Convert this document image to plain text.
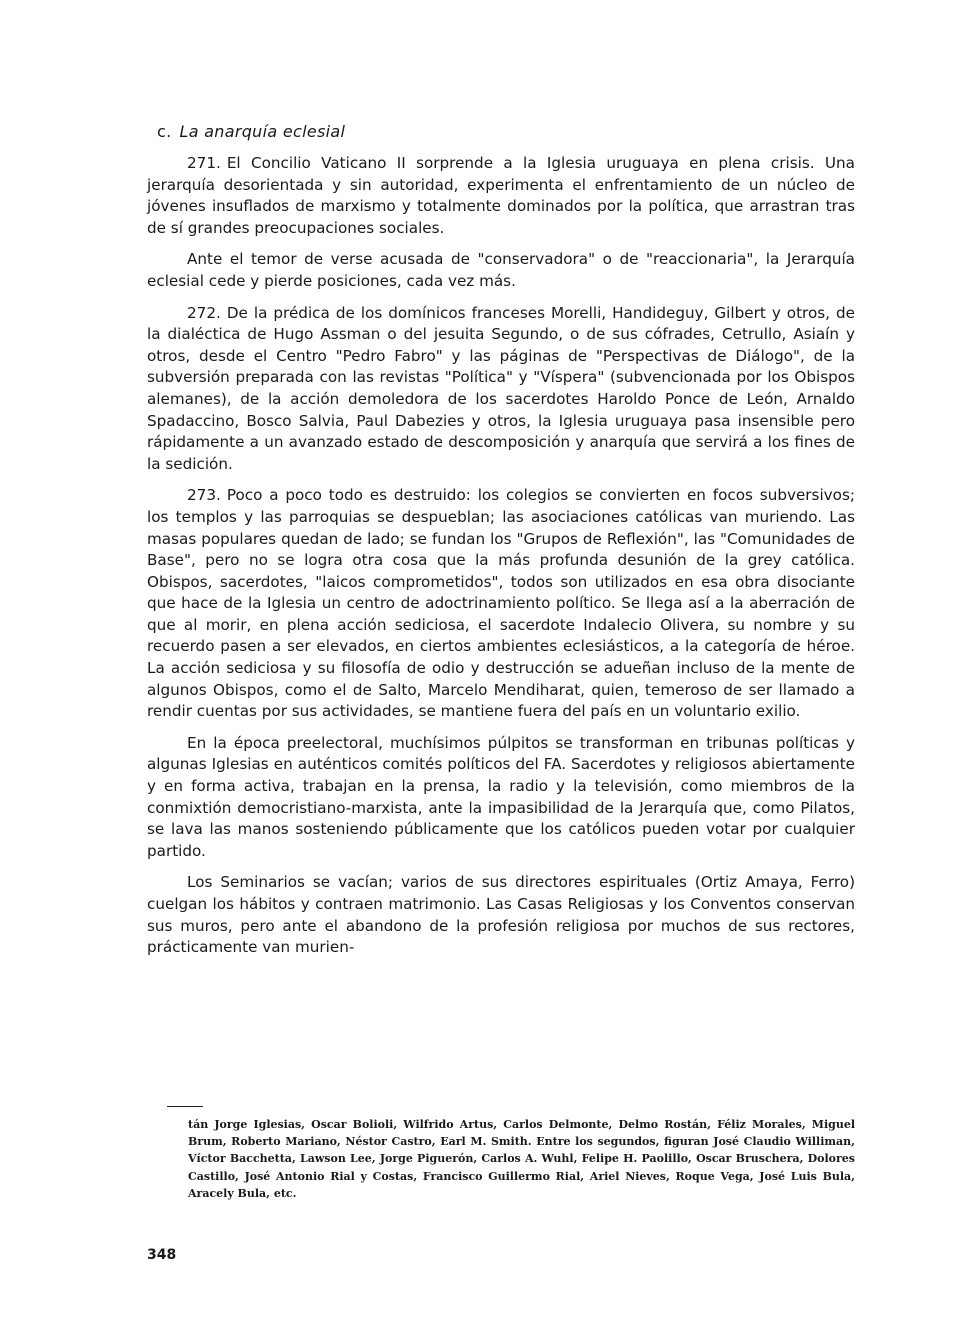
c. La anarquía eclesial

271. El Concilio Vaticano II sorprende a la Iglesia uruguaya en plena crisis. Una jerarquía desorientada y sin autoridad, experimenta el enfrentamiento de un núcleo de jóvenes insuflados de marxismo y totalmente dominados por la política, que arrastran tras de sí grandes preocupaciones sociales.

Ante el temor de verse acusada de "conservadora" o de "reaccionaria", la Jerarquía eclesial cede y pierde posiciones, cada vez más.

272. De la prédica de los domínicos franceses Morelli, Handideguy, Gilbert y otros, de la dialéctica de Hugo Assman o del jesuita Segundo, o de sus cófrades, Cetrullo, Asiaín y otros, desde el Centro "Pedro Fabro" y las páginas de "Perspectivas de Diálogo", de la subversión preparada con las revistas "Política" y "Víspera" (subvencionada por los Obispos alemanes), de la acción demoledora de los sacerdotes Haroldo Ponce de León, Arnaldo Spadaccino, Bosco Salvia, Paul Dabezies y otros, la Iglesia uruguaya pasa insensible pero rápidamente a un avanzado estado de descomposición y anarquía que servirá a los fines de la sedición.

273. Poco a poco todo es destruido: los colegios se convierten en focos subversivos; los templos y las parroquias se despueblan; las asociaciones católicas van muriendo. Las masas populares quedan de lado; se fundan los "Grupos de Reflexión", las "Comunidades de Base", pero no se logra otra cosa que la más profunda desunión de la grey católica. Obispos, sacerdotes, "laicos comprometidos", todos son utilizados en esa obra disociante que hace de la Iglesia un centro de adoctrinamiento político. Se llega así a la aberración de que al morir, en plena acción sediciosa, el sacerdote Indalecio Olivera, su nombre y su recuerdo pasen a ser elevados, en ciertos ambientes eclesiásticos, a la categoría de héroe. La acción sediciosa y su filosofía de odio y destrucción se adueñan incluso de la mente de algunos Obispos, como el de Salto, Marcelo Mendiharat, quien, temeroso de ser llamado a rendir cuentas por sus actividades, se mantiene fuera del país en un voluntario exilio.

En la época preelectoral, muchísimos púlpitos se transforman en tribunas políticas y algunas Iglesias en auténticos comités políticos del FA. Sacerdotes y religiosos abiertamente y en forma activa, trabajan en la prensa, la radio y la televisión, como miembros de la conmixtión democristiano-marxista, ante la impasibilidad de la Jerarquía que, como Pilatos, se lava las manos sosteniendo públicamente que los católicos pueden votar por cualquier partido.

Los Seminarios se vacían; varios de sus directores espirituales (Ortiz Amaya, Ferro) cuelgan los hábitos y contraen matrimonio. Las Casas Religiosas y los Conventos conservan sus muros, pero ante el abandono de la profesión religiosa por muchos de sus rectores, prácticamente van murien-

tán Jorge Iglesias, Oscar Bolioli, Wilfrido Artus, Carlos Delmonte, Delmo Rostán, Féliz Morales, Miguel Brum, Roberto Mariano, Néstor Castro, Earl M. Smith. Entre los segundos, figuran José Claudio Williman, Víctor Bacchetta, Lawson Lee, Jorge Piguerón, Carlos A. Wuhl, Felipe H. Paolillo, Oscar Bruschera, Dolores Castillo, José Antonio Rial y Costas, Francisco Guillermo Rial, Ariel Nieves, Roque Vega, José Luis Bula, Aracely Bula, etc.

348
